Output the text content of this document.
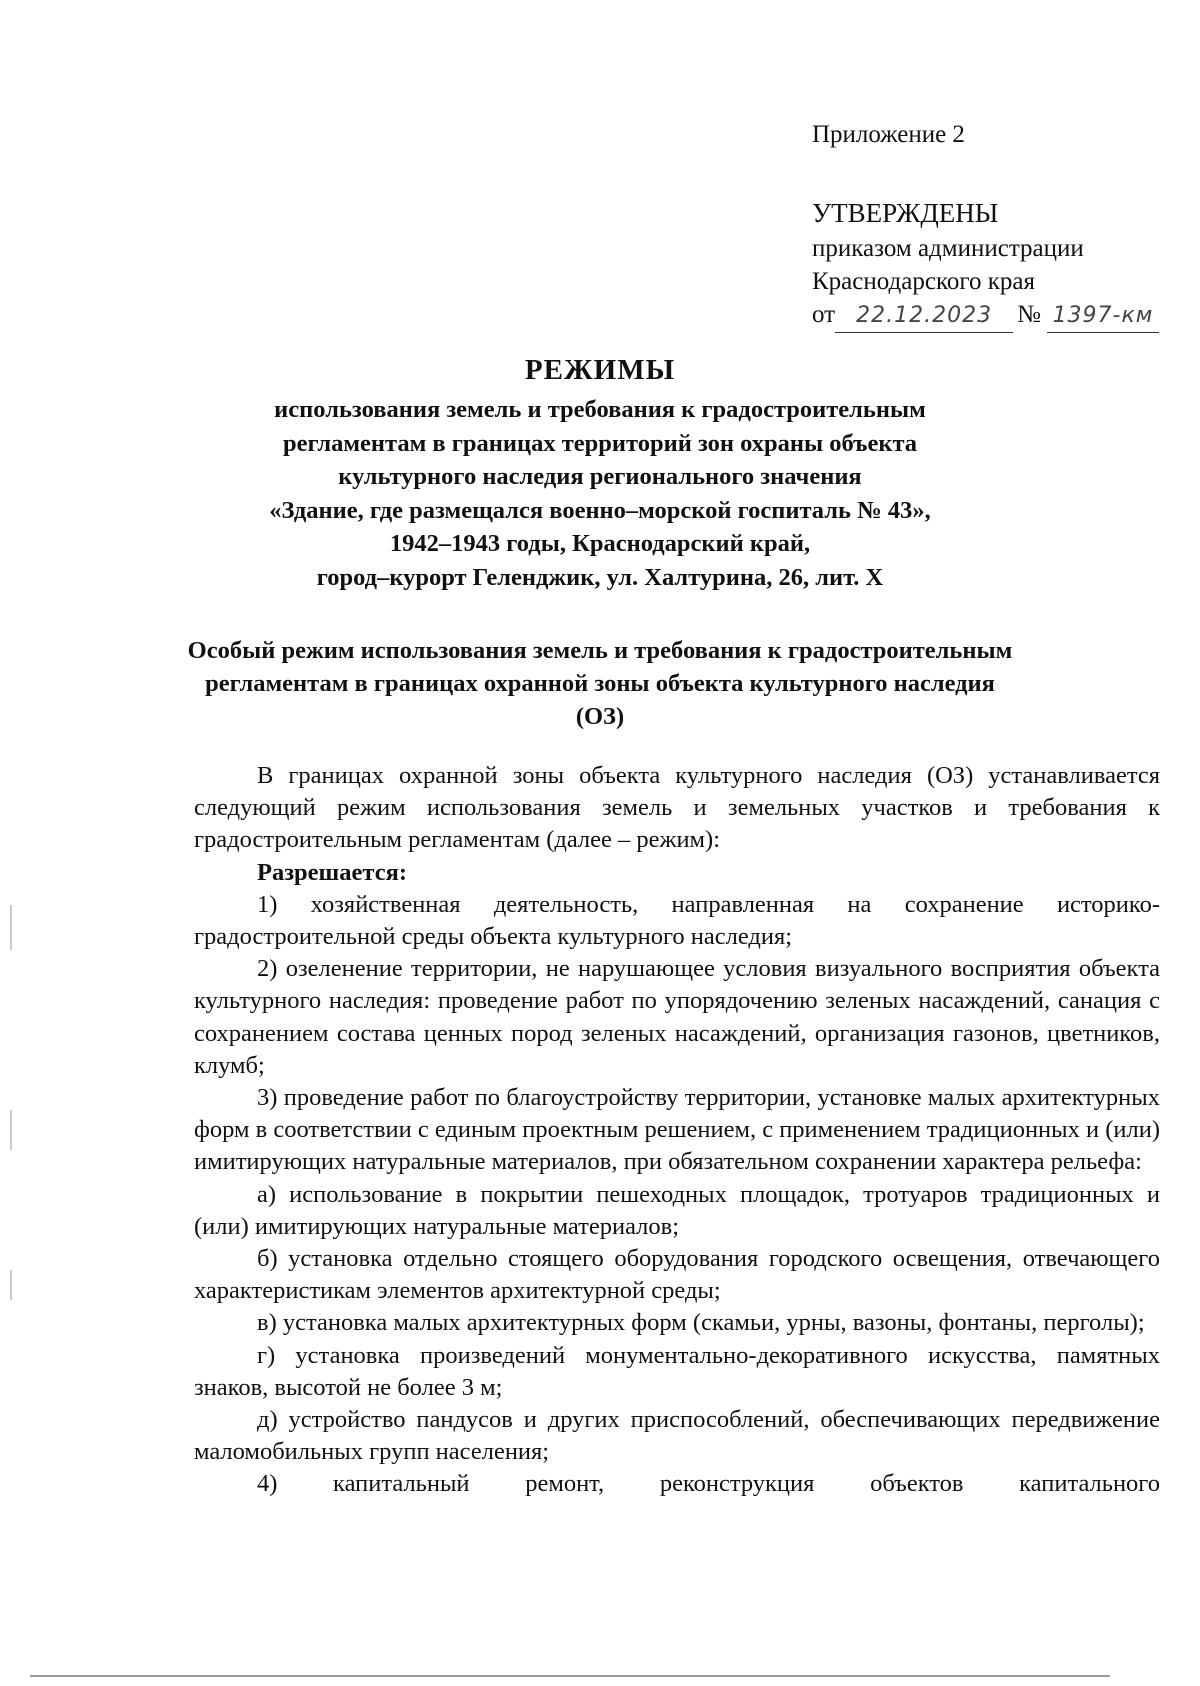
Приложение 2
УТВЕРЖДЕНЫ
приказом администрации
Краснодарского края
от 22.12.2023 № 1397-км
РЕЖИМЫ
использования земель и требования к градостроительным
регламентам в границах территорий зон охраны объекта
культурного наследия регионального значения
«Здание, где размещался военно–морской госпиталь № 43»,
1942–1943 годы, Краснодарский край,
город–курорт Геленджик, ул. Халтурина, 26, лит. Х
Особый режим использования земель и требования к градостроительным
регламентам в границах охранной зоны объекта культурного наследия
(ОЗ)

В границах охранной зоны объекта культурного наследия (ОЗ) устанавливается следующий режим использования земель и земельных участков и требования к градостроительным регламентам (далее – режим):

Разрешается:

1) хозяйственная деятельность, направленная на сохранение историко-градостроительной среды объекта культурного наследия;

2) озеленение территории, не нарушающее условия визуального восприятия объекта культурного наследия: проведение работ по упорядочению зеленых насаждений, санация с сохранением состава ценных пород зеленых насаждений, организация газонов, цветников, клумб;

3) проведение работ по благоустройству территории, установке малых архитектурных форм в соответствии с единым проектным решением, с применением традиционных и (или) имитирующих натуральные материалов, при обязательном сохранении характера рельефа:

а) использование в покрытии пешеходных площадок, тротуаров традиционных и (или) имитирующих натуральные материалов;

б) установка отдельно стоящего оборудования городского освещения, отвечающего характеристикам элементов архитектурной среды;

в) установка малых архитектурных форм (скамьи, урны, вазоны, фонтаны, перголы);

г) установка произведений монументально-декоративного искусства, памятных знаков, высотой не более 3 м;

д) устройство пандусов и других приспособлений, обеспечивающих передвижение маломобильных групп населения;

4) капитальный ремонт, реконструкция объектов капитального
